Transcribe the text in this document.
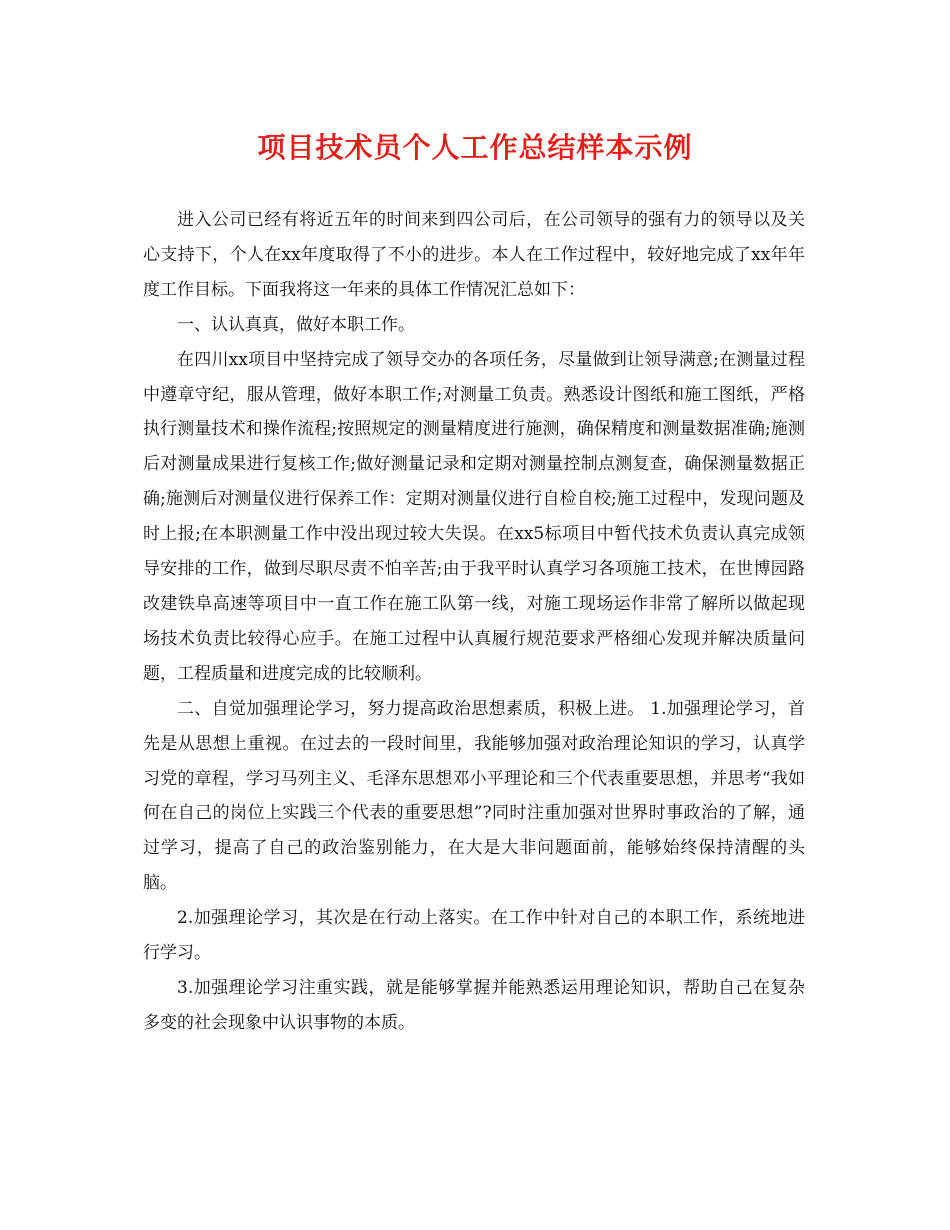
项目技术员个人工作总结样本示例

进入公司已经有将近五年的时间来到四公司后，在公司领导的强有力的领导以及关心支持下，个人在xx年度取得了不小的进步。本人在工作过程中，较好地完成了xx年年度工作目标。下面我将这一年来的具体工作情况汇总如下：

一、认认真真，做好本职工作。

在四川xx项目中坚持完成了领导交办的各项任务，尽量做到让领导满意;在测量过程中遵章守纪，服从管理，做好本职工作;对测量工负责。熟悉设计图纸和施工图纸，严格执行测量技术和操作流程;按照规定的测量精度进行施测，确保精度和测量数据准确;施测后对测量成果进行复核工作;做好测量记录和定期对测量控制点测复查，确保测量数据正确;施测后对测量仪进行保养工作：定期对测量仪进行自检自校;施工过程中，发现问题及时上报;在本职测量工作中没出现过较大失误。在xx5标项目中暂代技术负责认真完成领导安排的工作，做到尽职尽责不怕辛苦;由于我平时认真学习各项施工技术，在世博园路改建铁阜高速等项目中一直工作在施工队第一线，对施工现场运作非常了解所以做起现场技术负责比较得心应手。在施工过程中认真履行规范要求严格细心发现并解决质量问题，工程质量和进度完成的比较顺利。

二、自觉加强理论学习，努力提高政治思想素质，积极上进。 1.加强理论学习，首先是从思想上重视。在过去的一段时间里，我能够加强对政治理论知识的学习，认真学习党的章程，学习马列主义、毛泽东思想邓小平理论和三个代表重要思想，并思考“我如何在自己的岗位上实践三个代表的重要思想”?同时注重加强对世界时事政治的了解，通过学习，提高了自己的政治鉴别能力，在大是大非问题面前，能够始终保持清醒的头脑。

2.加强理论学习，其次是在行动上落实。在工作中针对自己的本职工作，系统地进行学习。

3.加强理论学习注重实践，就是能够掌握并能熟悉运用理论知识，帮助自己在复杂多变的社会现象中认识事物的本质。
